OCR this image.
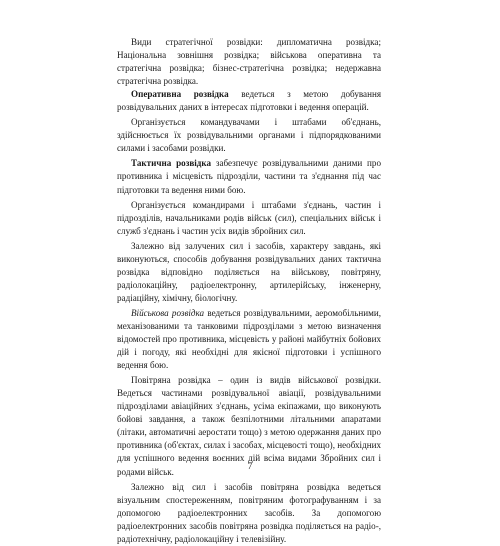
Види стратегічної розвідки: дипломатична розвідка; Національна зовнішня розвідка; військова оперативна та стратегічна розвідка; бізнес-стратегічна розвідка; недержавна стратегічна розвідка.

Оперативна розвідка ведеться з метою добування розвідувальних даних в інтересах підготовки і ведення операцій.

Організується командувачами і штабами об'єднань, здійснюється їх розвідувальними органами і підпорядкованими силами і засобами розвідки.

Тактична розвідка забезпечує розвідувальними даними про противника і місцевість підрозділи, частини та з'єднання під час підготовки та ведення ними бою.

Організується командирами і штабами з'єднань, частин і підрозділів, начальниками родів військ (сил), спеціальних військ і служб з'єднань і частин усіх видів збройних сил.

Залежно від залучених сил і засобів, характеру завдань, які виконуються, способів добування розвідувальних даних тактична розвідка відповідно поділяється на військову, повітряну, радіолокаційну, радіоелектронну, артилерійську, інженерну, радіаційну, хімічну, біологічну.

Військова розвідка ведеться розвідувальними, аеромобільними, механізованими та танковими підрозділами з метою визначення відомостей про противника, місцевість у районі майбутніх бойових дій і погоду, які необхідні для якісної підготовки і успішного ведення бою.

Повітряна розвідка – один із видів військової розвідки. Ведеться частинами розвідувальної авіації, розвідувальними підрозділами авіаційних з'єднань, усіма екіпажами, що виконують бойові завдання, а також безпілотними літальними апаратами (літаки, автоматичні аеростати тощо) з метою одержання даних про противника (об'єктах, силах і засобах, місцевості тощо), необхідних для успішного ведення воєнних дій всіма видами Збройних сил і родами військ.

Залежно від сил і засобів повітряна розвідка ведеться візуальним спостереженням, повітряним фотографуванням і за допомогою радіоелектронних засобів. За допомогою радіоелектронних засобів повітряна розвідка поділяється на радіо-, радіотехнічну, радіолокаційну і телевізійну.

7
